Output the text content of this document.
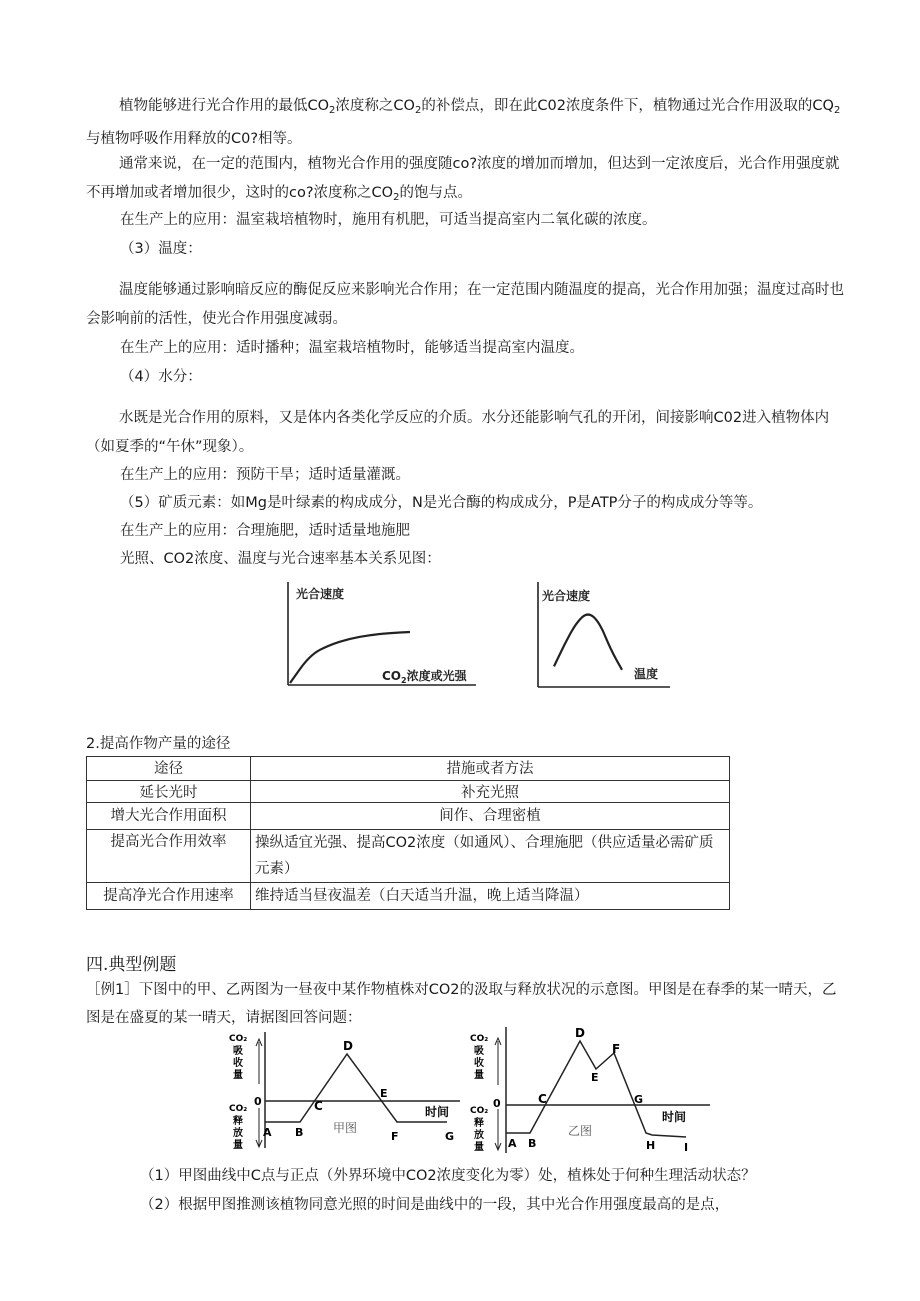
植物能够进行光合作用的最低$CO_2$浓度称之$CO_2$的补偿点，即在此C02浓度条件下，植物通过光合作用汲取的$CQ_2$与植物呼吸作用释放的C0?相等。

通常来说，在一定的范围内，植物光合作用的强度随co?浓度的增加而增加，但达到一定浓度后，光合作用强度就不再增加或者增加很少，这时的co?浓度称之$CO_2$的饱与点。

在生产上的应用：温室栽培植物时，施用有机肥，可适当提高室内二氧化碳的浓度。

（3）温度：

温度能够通过影响暗反应的酶促反应来影响光合作用；在一定范围内随温度的提高，光合作用加强；温度过高时也会影响前的活性，使光合作用强度减弱。

在生产上的应用：适时播种；温室栽培植物时，能够适当提高室内温度。

（4）水分：

水既是光合作用的原料，又是体内各类化学反应的介质。水分还能影响气孔的开闭，间接影响C02进入植物体内（如夏季的“午休”现象）。

在生产上的应用：预防干旱；适时适量灌溉。

（5）矿质元素：如Mg是叶绿素的构成成分，N是光合酶的构成成分，P是ATP分子的构成成分等等。

在生产上的应用：合理施肥，适时适量地施肥

光照、CO2浓度、温度与光合速率基本关系见图：

光合速度
$CO_2$浓度或光强
光合速度
温度

2.提高作物产量的途径

途径	措施或者方法
延长光时	补充光照
增大光合作用面积	间作、合理密植
提高光合作用效率	操纵适宜光强、提高CO2浓度（如通风）、合理施肥（供应适量必需矿质元素）
提高净光合作用速率	维持适当昼夜温差（白天适当升温，晚上适当降温）

四.典型例题

［例1］下图中的甲、乙两图为一昼夜中某作物植株对CO2的汲取与释放状况的示意图。甲图是在春季的某一晴天，乙图是在盛夏的某一晴天，请据图回答问题：

CO₂
吸
收
量
CO₂
释
放
量
0
时间
A B
C
D
E
F	G
甲图
CO₂
吸
收
量
CO₂
释
放
量
0
时间
A B
C
D
E
F
G
H	I
乙图

（1）甲图曲线中C点与正点（外界环境中CO2浓度变化为零）处，植株处于何种生理活动状态？

（2）根据甲图推测该植物同意光照的时间是曲线中的一段，其中光合作用强度最高的是点，
